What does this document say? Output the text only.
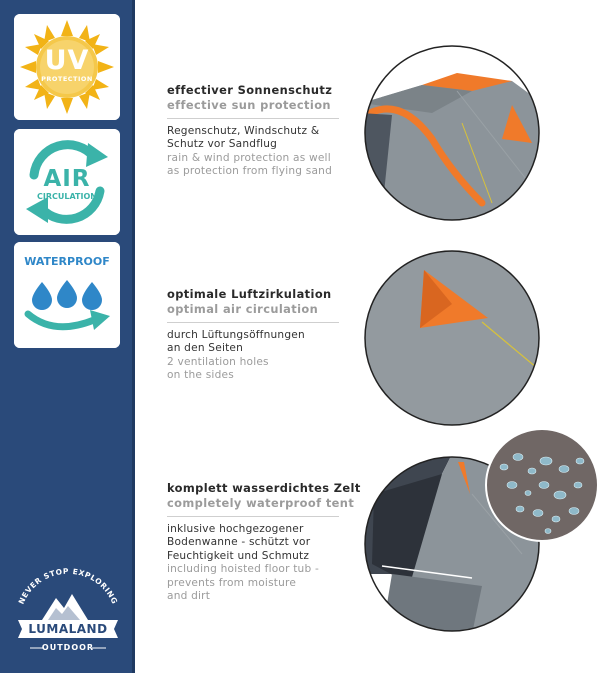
UV
PROTECTION
AIR
CIRCULATION
WATERPROOF
NEVER STOP EXPLORING
LUMALAND
OUTDOOR
effectiver Sonnenschutz
effective sun protection
Regenschutz, Windschutz &
Schutz vor Sandflug
rain & wind protection as well
as protection from flying sand
optimale Luftzirkulation
optimal air circulation
durch Lüftungsöffnungen
an den Seiten
2 ventilation holes
on the sides
komplett wasserdichtes Zelt
completely waterproof tent
inklusive hochgezogener
Bodenwanne - schützt vor
Feuchtigkeit und Schmutz
including hoisted floor tub -
prevents from moisture
and dirt
